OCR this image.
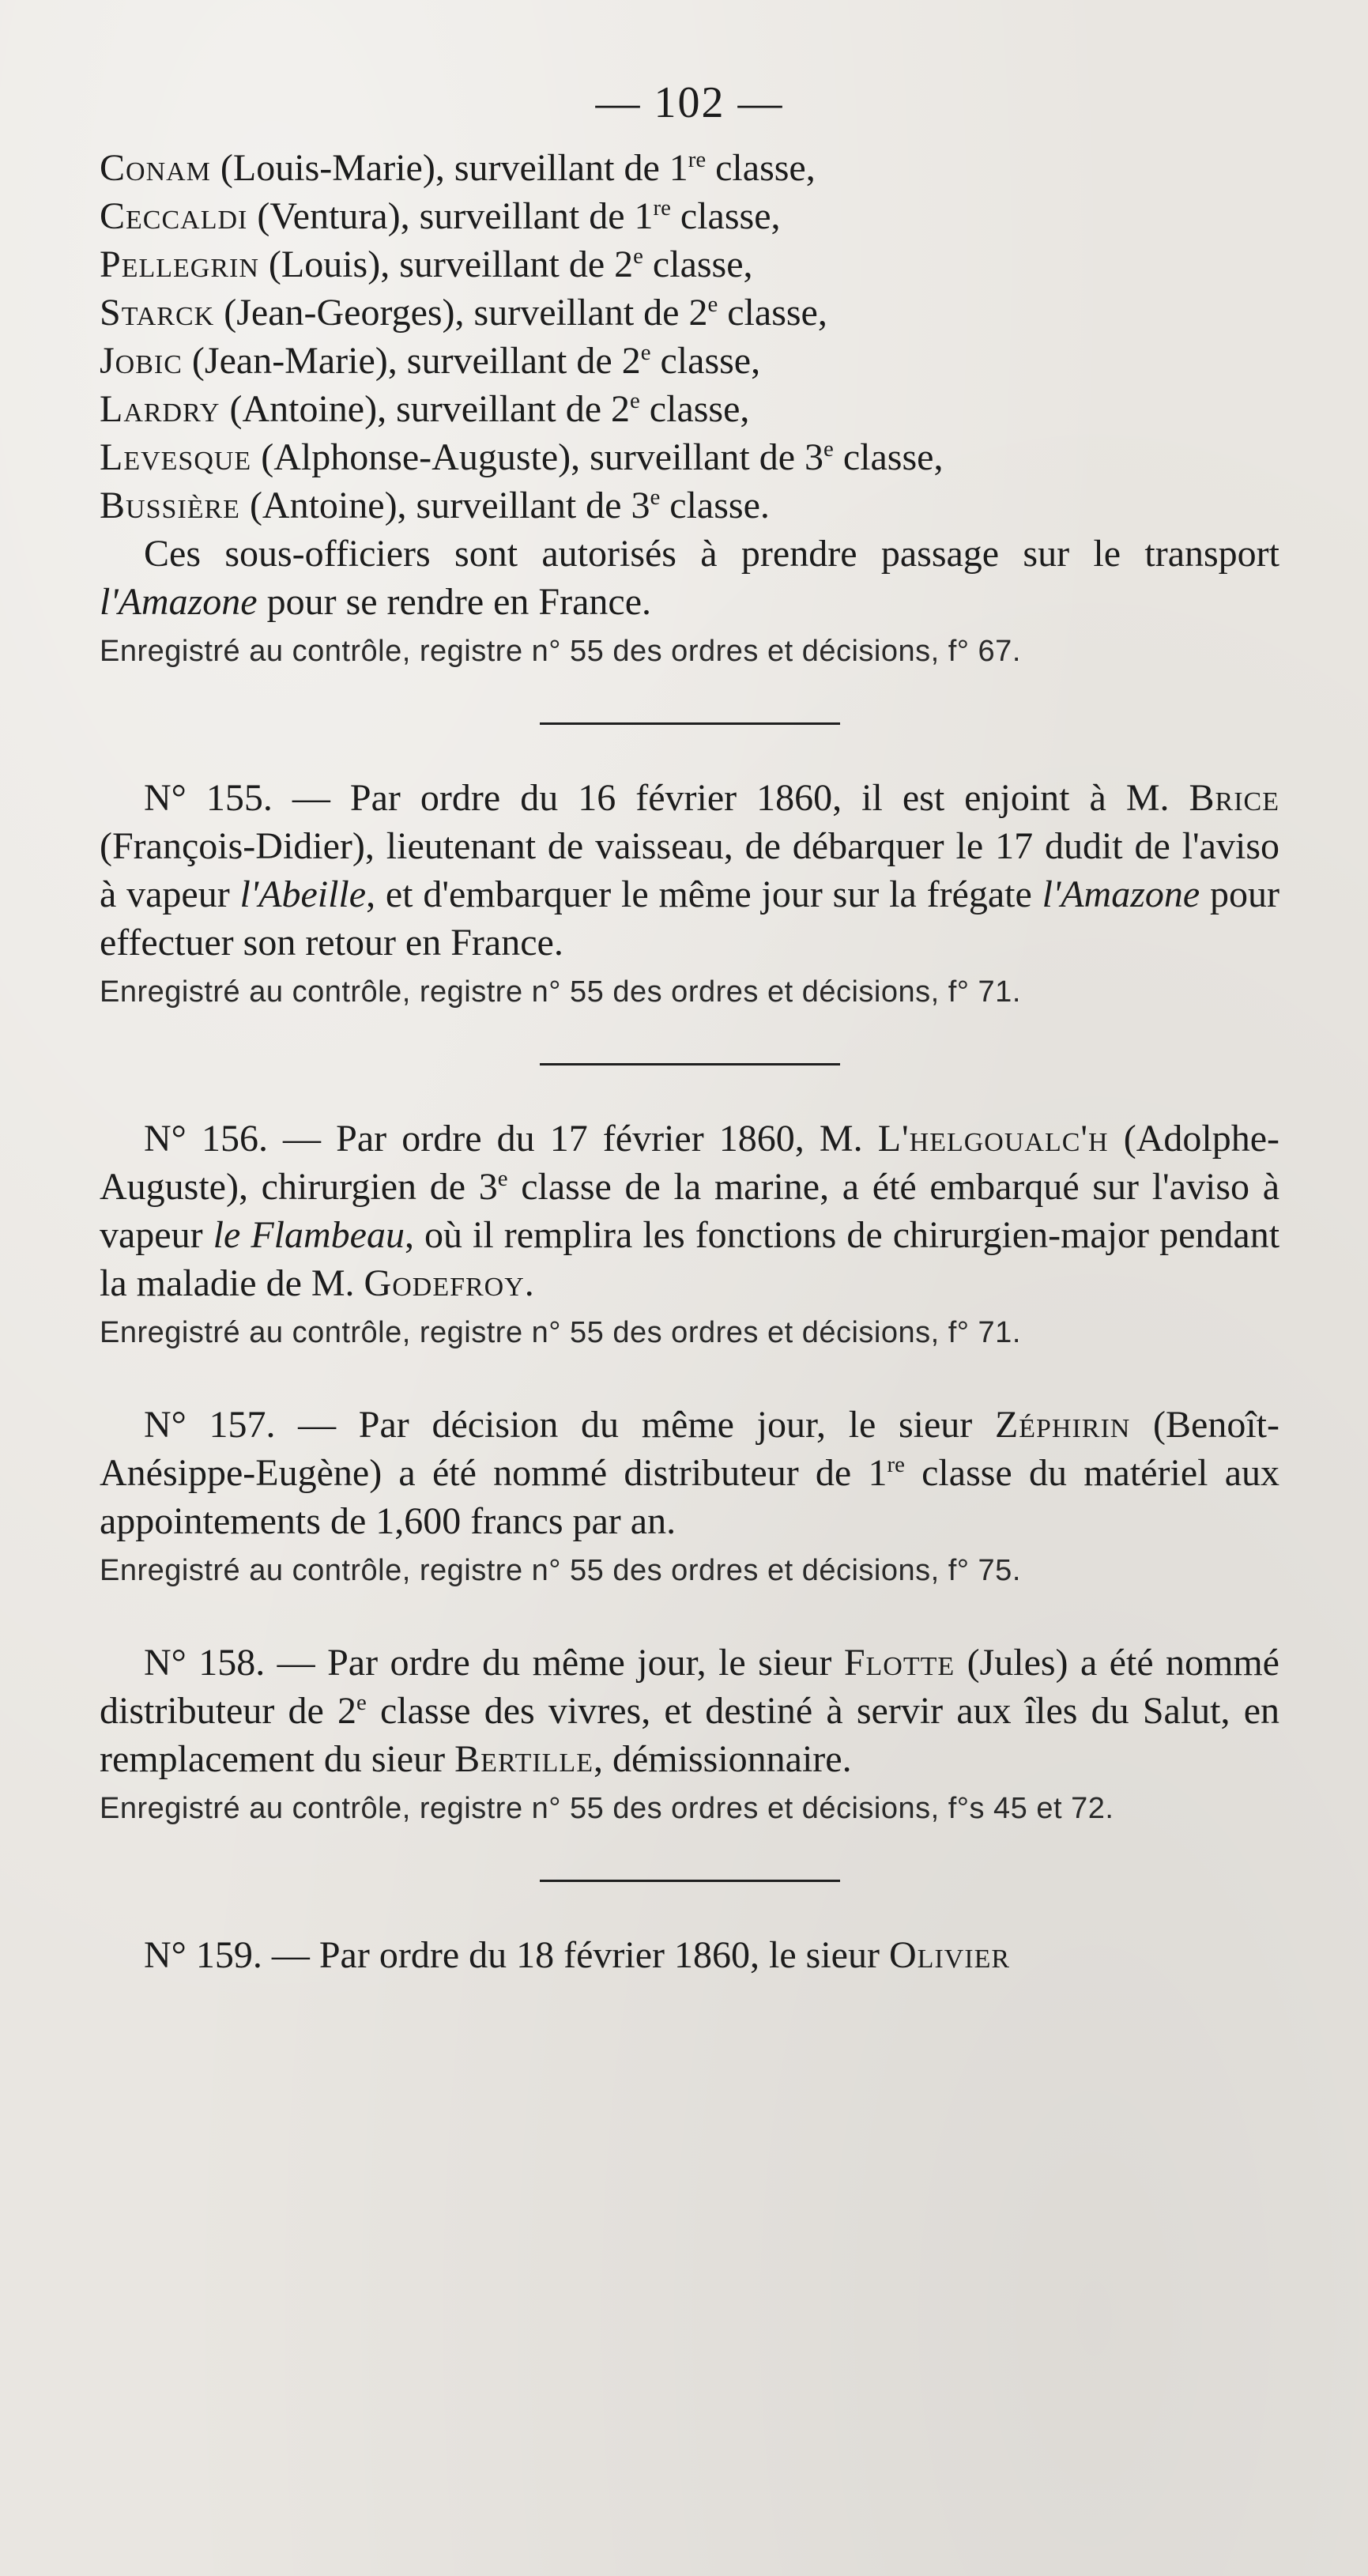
— 102 —

Conam (Louis-Marie), surveillant de 1re classe,

Ceccaldi (Ventura), surveillant de 1re classe,

Pellegrin (Louis), surveillant de 2e classe,

Starck (Jean-Georges), surveillant de 2e classe,

Jobic (Jean-Marie), surveillant de 2e classe,

Lardry (Antoine), surveillant de 2e classe,

Levesque (Alphonse-Auguste), surveillant de 3e classe,

Bussière (Antoine), surveillant de 3e classe.

Ces sous-officiers sont autorisés à prendre passage sur le transport l'Amazone pour se rendre en France.

Enregistré au contrôle, registre n° 55 des ordres et décisions, f° 67.

N° 155. — Par ordre du 16 février 1860, il est enjoint à M. Brice (François-Didier), lieutenant de vaisseau, de débarquer le 17 dudit de l'aviso à vapeur l'Abeille, et d'embarquer le même jour sur la frégate l'Amazone pour effectuer son retour en France.

Enregistré au contrôle, registre n° 55 des ordres et décisions, f° 71.

N° 156. — Par ordre du 17 février 1860, M. L'helgoualc'h (Adolphe-Auguste), chirurgien de 3e classe de la marine, a été embarqué sur l'aviso à vapeur le Flambeau, où il remplira les fonctions de chirurgien-major pendant la maladie de M. Godefroy.

Enregistré au contrôle, registre n° 55 des ordres et décisions, f° 71.

N° 157. — Par décision du même jour, le sieur Zéphirin (Benoît-Anésippe-Eugène) a été nommé distributeur de 1re classe du matériel aux appointements de 1,600 francs par an.

Enregistré au contrôle, registre n° 55 des ordres et décisions, f° 75.

N° 158. — Par ordre du même jour, le sieur Flotte (Jules) a été nommé distributeur de 2e classe des vivres, et destiné à servir aux îles du Salut, en remplacement du sieur Bertille, démissionnaire.

Enregistré au contrôle, registre n° 55 des ordres et décisions, f°s 45 et 72.

N° 159. — Par ordre du 18 février 1860, le sieur Olivier
